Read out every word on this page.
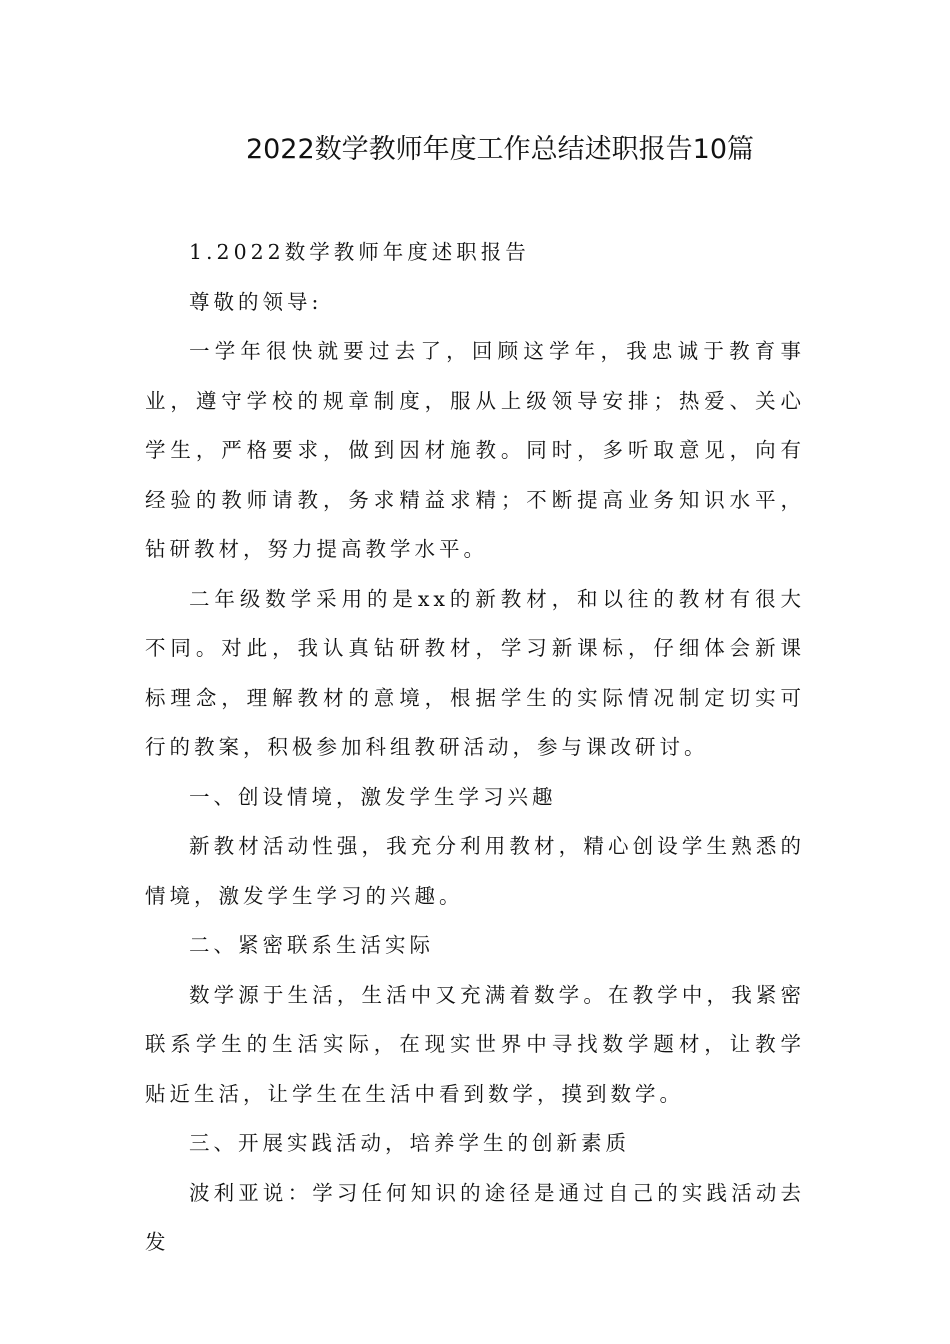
2022数学教师年度工作总结述职报告10篇

1.2022数学教师年度述职报告

尊敬的领导:

一学年很快就要过去了，回顾这学年，我忠诚于教育事业，遵守学校的规章制度，服从上级领导安排；热爱、关心学生，严格要求，做到因材施教。同时，多听取意见，向有经验的教师请教，务求精益求精；不断提高业务知识水平，钻研教材，努力提高教学水平。

二年级数学采用的是xx的新教材，和以往的教材有很大不同。对此，我认真钻研教材，学习新课标，仔细体会新课标理念，理解教材的意境，根据学生的实际情况制定切实可行的教案，积极参加科组教研活动，参与课改研讨。

一、创设情境，激发学生学习兴趣

新教材活动性强，我充分利用教材，精心创设学生熟悉的情境，激发学生学习的兴趣。

二、紧密联系生活实际

数学源于生活，生活中又充满着数学。在教学中，我紧密联系学生的生活实际，在现实世界中寻找数学题材，让教学贴近生活，让学生在生活中看到数学，摸到数学。

三、开展实践活动，培养学生的创新素质

波利亚说：学习任何知识的途径是通过自己的实践活动去发
